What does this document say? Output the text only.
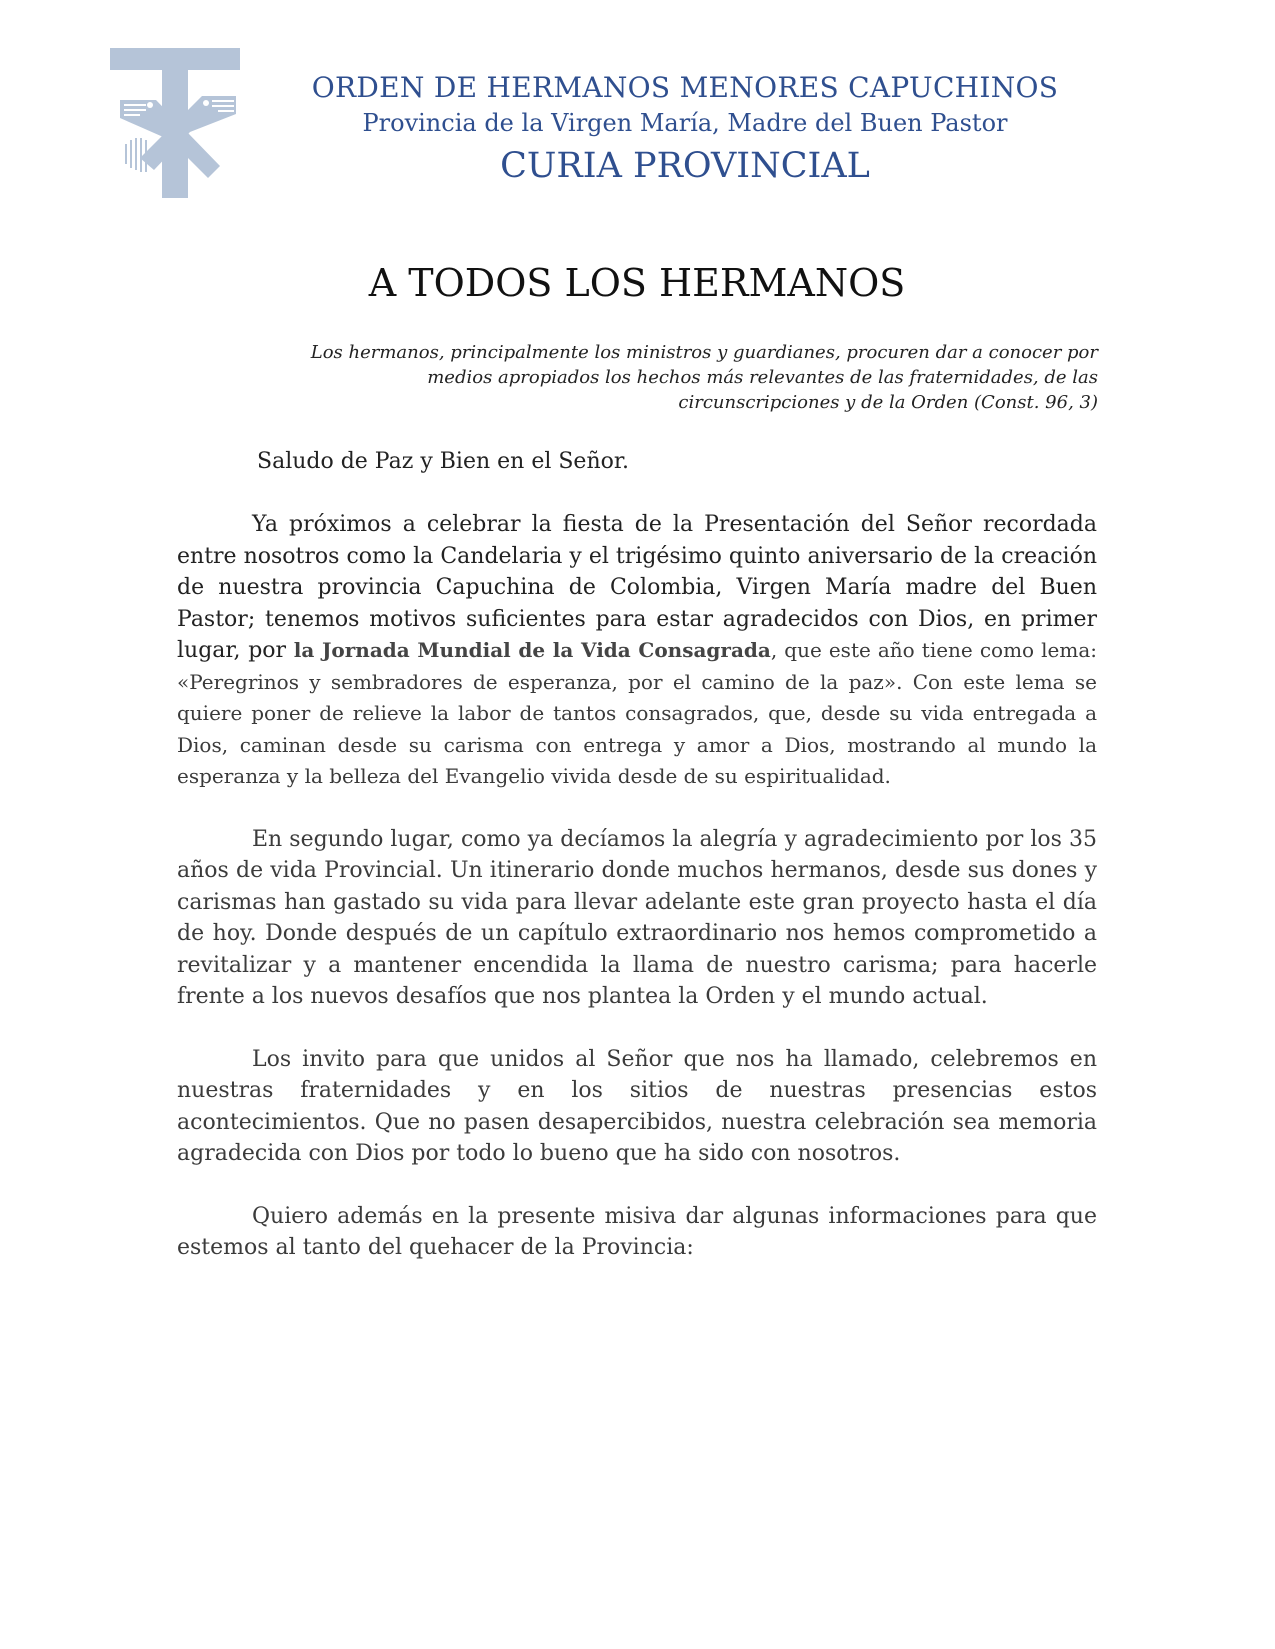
ORDEN DE HERMANOS MENORES CAPUCHINOS
Provincia de la Virgen María, Madre del Buen Pastor
CURIA PROVINCIAL
A TODOS LOS HERMANOS
Los hermanos, principalmente los ministros y guardianes, procuren dar a conocer por
medios apropiados los hechos más relevantes de las fraternidades, de las
circunscripciones y de la Orden (Const. 96, 3)

Saludo de Paz y Bien en el Señor.

Ya próximos a celebrar la fiesta de la Presentación del Señor recordada entre nosotros como la Candelaria y el trigésimo quinto aniversario de la creación de nuestra provincia Capuchina de Colombia, Virgen María madre del Buen Pastor; tenemos motivos suficientes para estar agradecidos con Dios, en primer lugar, por la Jornada Mundial de la Vida Consagrada, que este año tiene como lema: «Peregrinos y sembradores de esperanza, por el camino de la paz». Con este lema se quiere poner de relieve la labor de tantos consagrados, que, desde su vida entregada a Dios, caminan desde su carisma con entrega y amor a Dios, mostrando al mundo la esperanza y la belleza del Evangelio vivida desde de su espiritualidad.

En segundo lugar, como ya decíamos la alegría y agradecimiento por los 35 años de vida Provincial. Un itinerario donde muchos hermanos, desde sus dones y carismas han gastado su vida para llevar adelante este gran proyecto hasta el día de hoy. Donde después de un capítulo extraordinario nos hemos comprometido a revitalizar y a mantener encendida la llama de nuestro carisma; para hacerle frente a los nuevos desafíos que nos plantea la Orden y el mundo actual.

Los invito para que unidos al Señor que nos ha llamado, celebremos en nuestras fraternidades y en los sitios de nuestras presencias estos acontecimientos. Que no pasen desapercibidos, nuestra celebración sea memoria agradecida con Dios por todo lo bueno que ha sido con nosotros.

Quiero además en la presente misiva dar algunas informaciones para que estemos al tanto del quehacer de la Provincia:
